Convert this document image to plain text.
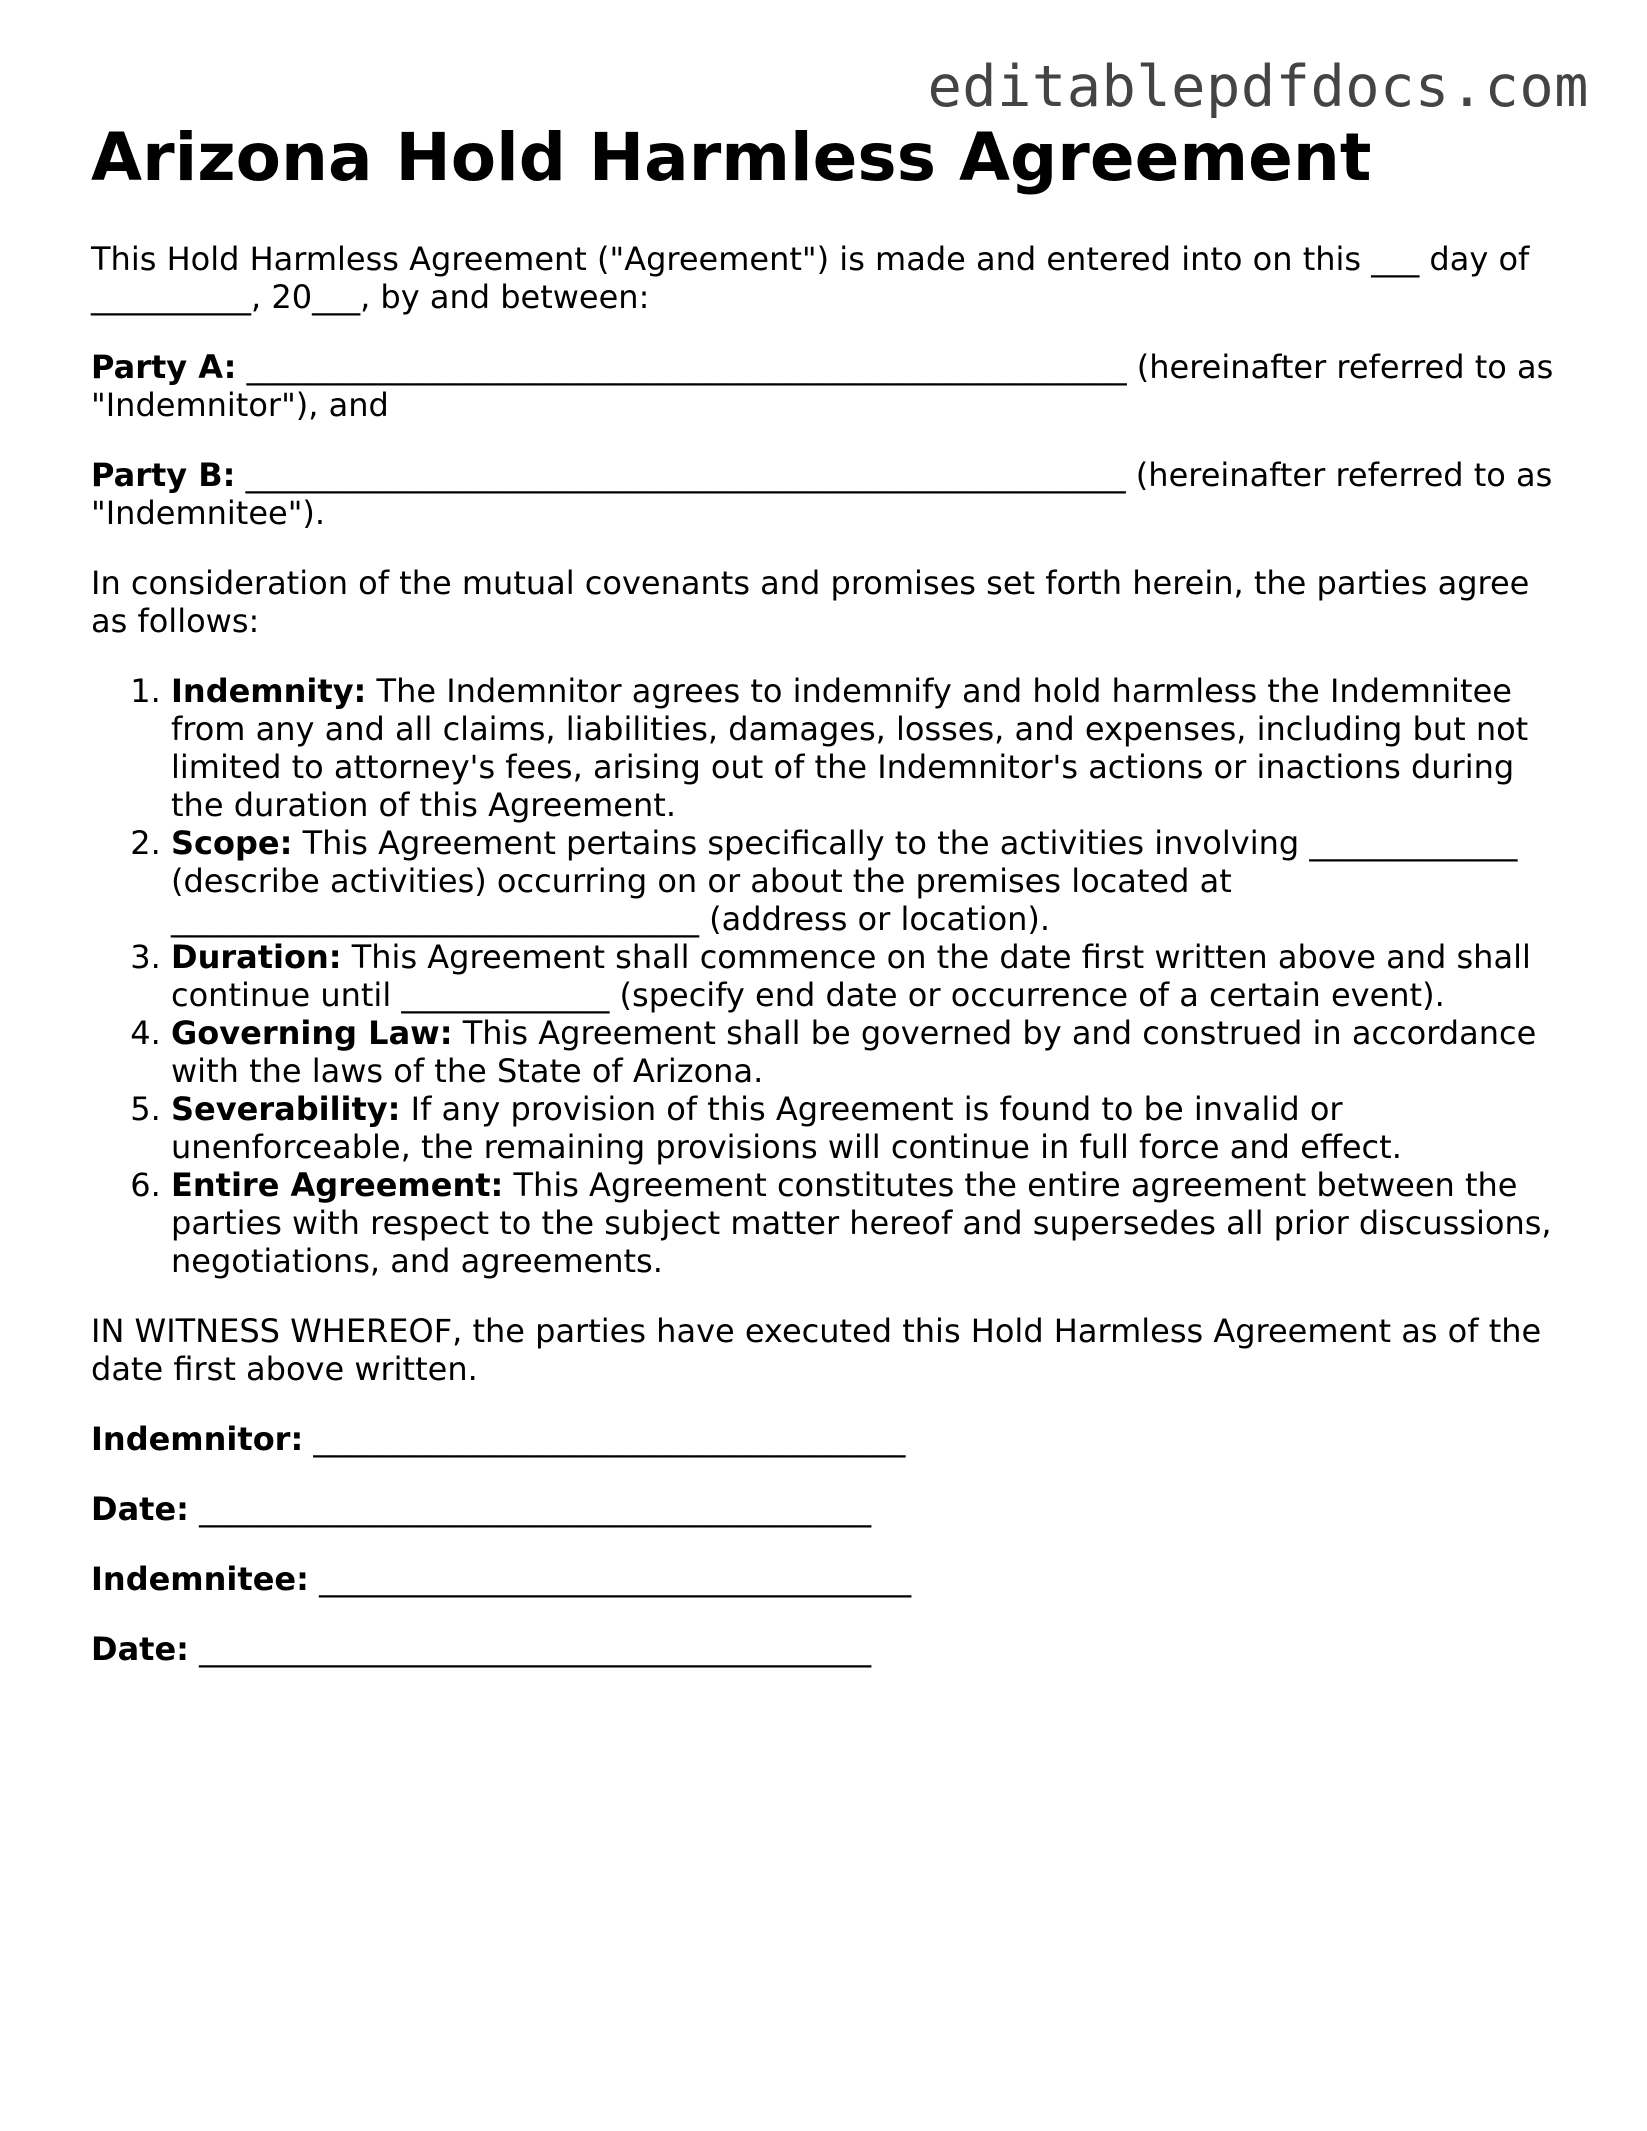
editablepdfdocs.com
Arizona Hold Harmless Agreement

This Hold Harmless Agreement ("Agreement") is made and entered into on this ___ day of __________, 20___, by and between:

Party A: _______________________________________________________ (hereinafter referred to as "Indemnitor"), and

Party B: _______________________________________________________ (hereinafter referred to as "Indemnitee").

In consideration of the mutual covenants and promises set forth herein, the parties agree as follows:

1. Indemnity: The Indemnitor agrees to indemnify and hold harmless the Indemnitee from any and all claims, liabilities, damages, losses, and expenses, including but not limited to attorney's fees, arising out of the Indemnitor's actions or inactions during the duration of this Agreement.
2. Scope: This Agreement pertains specifically to the activities involving _____________ (describe activities) occurring on or about the premises located at _________________________________ (address or location).
3. Duration: This Agreement shall commence on the date first written above and shall continue until _____________ (specify end date or occurrence of a certain event).
4. Governing Law: This Agreement shall be governed by and construed in accordance with the laws of the State of Arizona.
5. Severability: If any provision of this Agreement is found to be invalid or unenforceable, the remaining provisions will continue in full force and effect.
6. Entire Agreement: This Agreement constitutes the entire agreement between the parties with respect to the subject matter hereof and supersedes all prior discussions, negotiations, and agreements.

IN WITNESS WHEREOF, the parties have executed this Hold Harmless Agreement as of the date first above written.

Indemnitor: _____________________________________
Date: __________________________________________
Indemnitee: _____________________________________
Date: __________________________________________
